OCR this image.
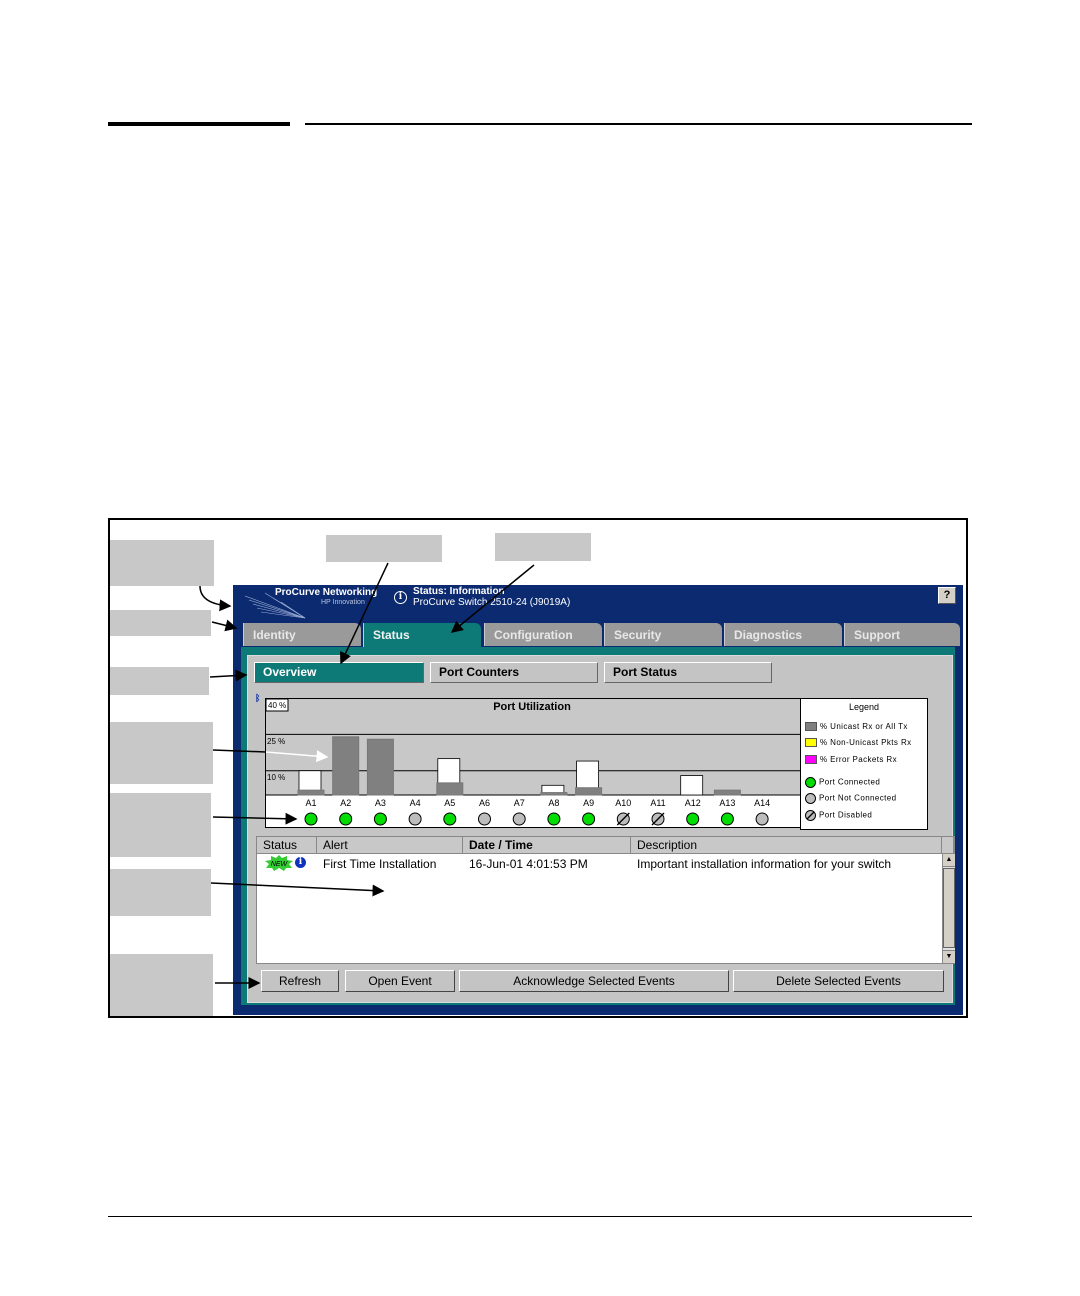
ProCurve Networking
HP Innovation
i	Status: Information
ProCurve Switch 2510-24 (J9019A)
?
Identity	Status	Configuration	Security	Diagnostics	Support
Overview	Port Counters	Port Status
ᛒ
40 %
25 %
10 %
Port Utilization
A1	A2	A3	A4	A5	A6	A7	A8	A9 A10 A11 A12 A13 A14
Legend
% Unicast Rx or All Tx
% Non-Unicast Pkts Rx
% Error Packets Rx
Port Connected
Port Not Connected
Port Disabled
Status	Alert	Date / Time	Description
NEW	i	First Time Installation	16-Jun-01 4:01:53 PM	Important installation information for your switch	▲
▼
Refresh	Open Event	Acknowledge Selected Events	Delete Selected Events
